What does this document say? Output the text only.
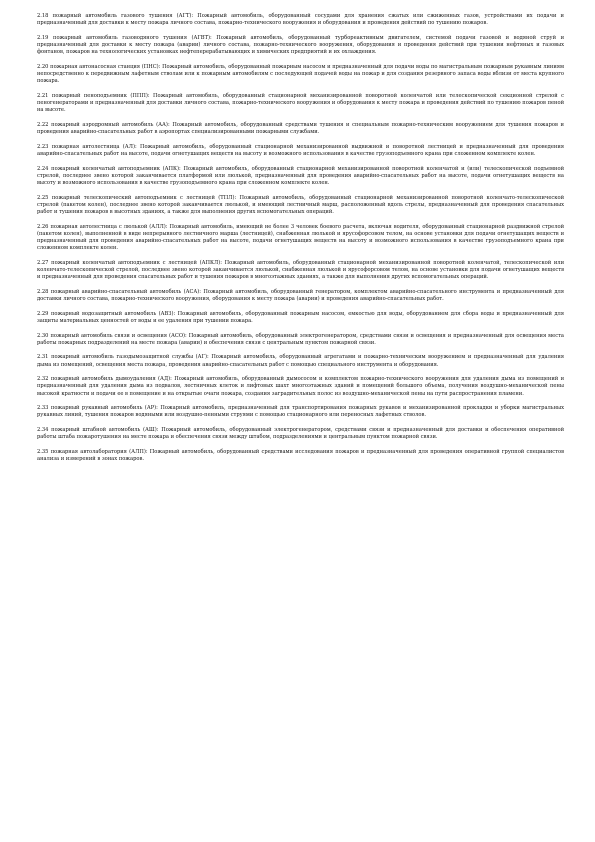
2.18 пожарный автомобиль газового тушения (АГТ): Пожарный автомобиль, оборудованный сосудами для хранения сжатых или сжиженных газов, устройствами их подачи и предназначенный для доставки к месту пожара личного состава, пожарно-технического вооружения и оборудования и проведения действий по тушению пожаров.
2.19 пожарный автомобиль газоводяного тушения (АГВТ): Пожарный автомобиль, оборудованный турбореактивным двигателем, системой подачи газовой и водяной струй и предназначенный для доставки к месту пожара (аварии) личного состава, пожарно-технического вооружения, оборудования и проведения действий при тушении нефтяных и газовых фонтанов, пожаров на технологических установках нефтеперерабатывающих и химических предприятий и их охлаждения.
2.20 пожарная автонасосная станция (ПНС): Пожарный автомобиль, оборудованный пожарным насосом и предназначенный для подачи воды по магистральным пожарным рукавным линиям непосредственно к передвижным лафетным стволам или к пожарным автомобилям с последующей подачей воды на пожар и для создания резервного запаса воды вблизи от места крупного пожара.
2.21 пожарный пеноподъемник (ППП): Пожарный автомобиль, оборудованный стационарной механизированной поворотной коленчатой или телескопической секционной стрелой с пеногенераторами и предназначенный для доставки личного состава, пожарно-технического вооружения и оборудования к месту пожара и проведения действий по тушению пожаров пеной на высоте.
2.22 пожарный аэродромный автомобиль (АА): Пожарный автомобиль, оборудованный средствами тушения и специальным пожарно-техническим вооружением для тушения пожаров и проведения аварийно-спасательных работ в аэропортах специализированными пожарными службами.
2.23 пожарная автолестница (АЛ): Пожарный автомобиль, оборудованный стационарной механизированной выдвижной и поворотной лестницей и предназначенный для проведения аварийно-спасательных работ на высоте, подачи огнетушащих веществ на высоту и возможного использования в качестве грузоподъемного крана при сложенном комплекте колен.
2.24 пожарный коленчатый автоподъемник (АПК): Пожарный автомобиль, оборудованный стационарной механизированной поворотной коленчатой и (или) телескопической подъемной стрелой, последнее звено которой заканчивается платформой или люлькой, предназначенный для проведения аварийно-спасательных работ на высоте, подачи огнетушащих веществ на высоту и возможного использования в качестве грузоподъемного крана при сложенном комплекте колен.
2.25 пожарный телескопический автоподъемник с лестницей (ТПЛ): Пожарный автомобиль, оборудованный стационарной механизированной поворотной коленчато-телескопической стрелой (пакетом колен), последнее звено которой заканчивается люлькой, и имеющий лестничный марш, расположенный вдоль стрелы, предназначенный для проведения спасательных работ и тушения пожаров в высотных зданиях, а также для выполнения других вспомогательных операций.
2.26 пожарная автолестница с люлькой (АЛЛ): Пожарный автомобиль, имеющий не более 3 человек боевого расчета, включая водителя, оборудованный стационарной раздвижной стрелой (пакетом колен), выполненной в виде непрерывного лестничного марша (лестницей), снабженная люлькой и ярусофорсовом телом, на основе установки для подачи огнетушащих веществ и предназначенный для проведения аварийно-спасательных работ на высоте, подачи огнетушащих веществ на высоту и возможного использования в качестве грузоподъемного крана при сложенном комплекте колен.
2.27 пожарный коленчатый автоподъемник с лестницей (АПКЛ): Пожарный автомобиль, оборудованный стационарной механизированной поворотной коленчатой, телескопической или коленчато-телескопической стрелой, последнее звено которой заканчивается люлькой, снабженная люлькой и ярусофорсовом телом, на основе установки для подачи огнетушащих веществ и предназначенный для проведения спасательных работ и тушения пожаров в многоэтажных зданиях, а также для выполнения других вспомогательных операций.
2.28 пожарный аварийно-спасательный автомобиль (АСА): Пожарный автомобиль, оборудованный генератором, комплектом аварийно-спасательного инструмента и предназначенный для доставки личного состава, пожарно-технического вооружения, оборудования к месту пожара (аварии) и проведения аварийно-спасательных работ.
2.29 пожарный водозащитный автомобиль (АВЗ): Пожарный автомобиль, оборудованный пожарным насосом, емкостью для воды, оборудованием для сбора воды и предназначенный для защиты материальных ценностей от воды и ее удаления при тушении пожара.
2.30 пожарный автомобиль связи и освещения (АСО): Пожарный автомобиль, оборудованный электрогенератором, средствами связи и освещения и предназначенный для освещения места работы пожарных подразделений на месте пожара (аварии) и обеспечения связи с центральным пунктом пожарной связи.
2.31 пожарный автомобиль газодымозащитной службы (АГ): Пожарный автомобиль, оборудованный агрегатами и пожарно-техническим вооружением и предназначенный для удаления дыма из помещений, освещения места пожара, проведения аварийно-спасательных работ с помощью специального инструмента и оборудования.
2.32 пожарный автомобиль дымоудаления (АД): Пожарный автомобиль, оборудованный дымососом и комплектом пожарно-технического вооружения для удаления дыма из помещений и предназначенный для удаления дыма из подвалов, лестничных клеток и лифтовых шахт многоэтажных зданий и помещений большого объема, получения воздушно-механической пены высокой кратности и подачи ее в помещение и на открытые очаги пожара, создания заградительных полос из воздушно-механической пены на пути распространения пламени.
2.33 пожарный рукавный автомобиль (АР): Пожарный автомобиль, предназначенный для транспортирования пожарных рукавов и механизированной прокладки и уборки магистральных рукавных линий, тушения пожаров водяными или воздушно-пенными струями с помощью стационарного или переносных лафетных стволов.
2.34 пожарный штабной автомобиль (АШ): Пожарный автомобиль, оборудованный электрогенератором, средствами связи и предназначенный для доставки и обеспечения оперативной работы штаба пожаротушения на месте пожара и обеспечения связи между штабом, подразделениями и центральным пунктом пожарной связи.
2.35 пожарная автолаборатория (АЛП): Пожарный автомобиль, оборудованный средствами исследования пожаров и предназначенный для проведения оперативной группой специалистов анализа и измерений в зонах пожаров.
